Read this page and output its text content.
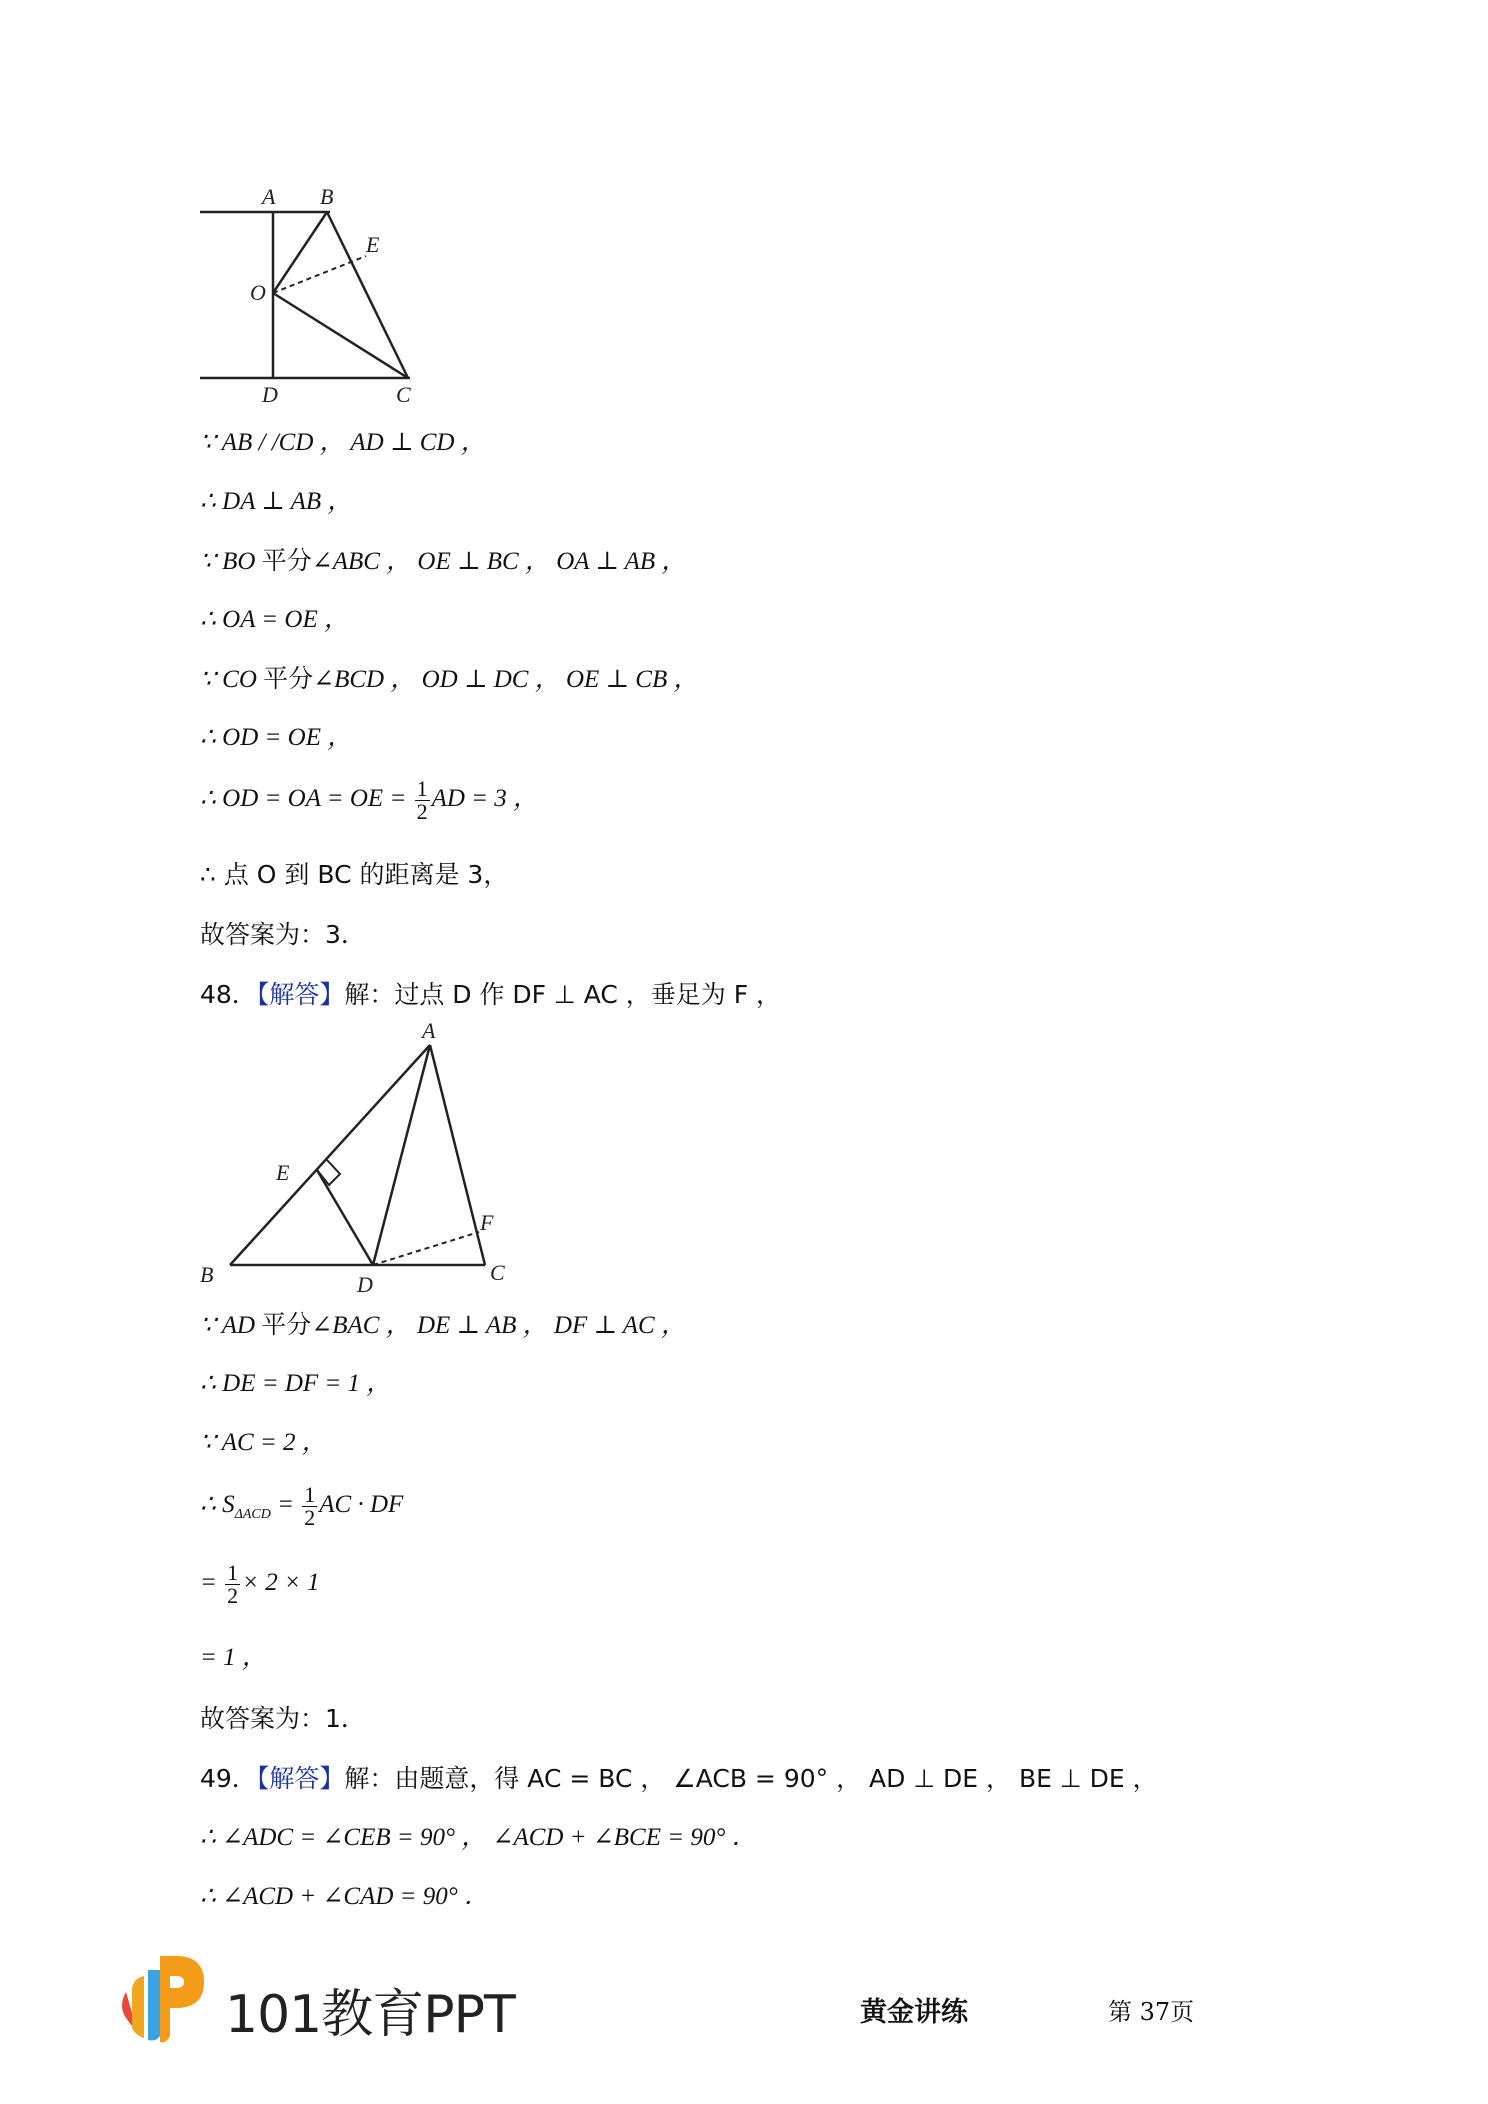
A B
E
O
D	C
∵ AB / /CD ， AD ⊥ CD ，
∴ DA ⊥ AB ，
∵ BO 平分∠ABC ， OE ⊥ BC ， OA ⊥ AB ，
∴ OA = OE ，
∵ CO 平分∠BCD ， OD ⊥ DC ， OE ⊥ CB ，
∴ OD = OE ，
∴ OD = OA = OE = $\frac{1}{2}$ AD = 3 ，
∴ 点 O 到 BC 的距离是 3，
故答案为：3．
48．【解答】解：过点 D 作 DF ⊥ AC ，垂足为 F ，
A
E
F
B	D	C
∵ AD 平分∠BAC ， DE ⊥ AB ， DF ⊥ AC ，
∴ DE = DF = 1 ，
∵ AC = 2 ，
∴ $S_{\Delta ACD} = \frac{1}{2}$ AC · DF
= $\frac{1}{2} \times 2 \times 1$
= 1 ，
故答案为：1．
49．【解答】解：由题意，得 AC = BC ， ∠ACB = 90° ， AD ⊥ DE ， BE ⊥ DE ，
∴ ∠ADC = ∠CEB = 90° ， ∠ACD + ∠BCE = 90° ．
∴ ∠ACD + ∠CAD = 90° ．
101教育PPT	黄金讲练	第 37页
